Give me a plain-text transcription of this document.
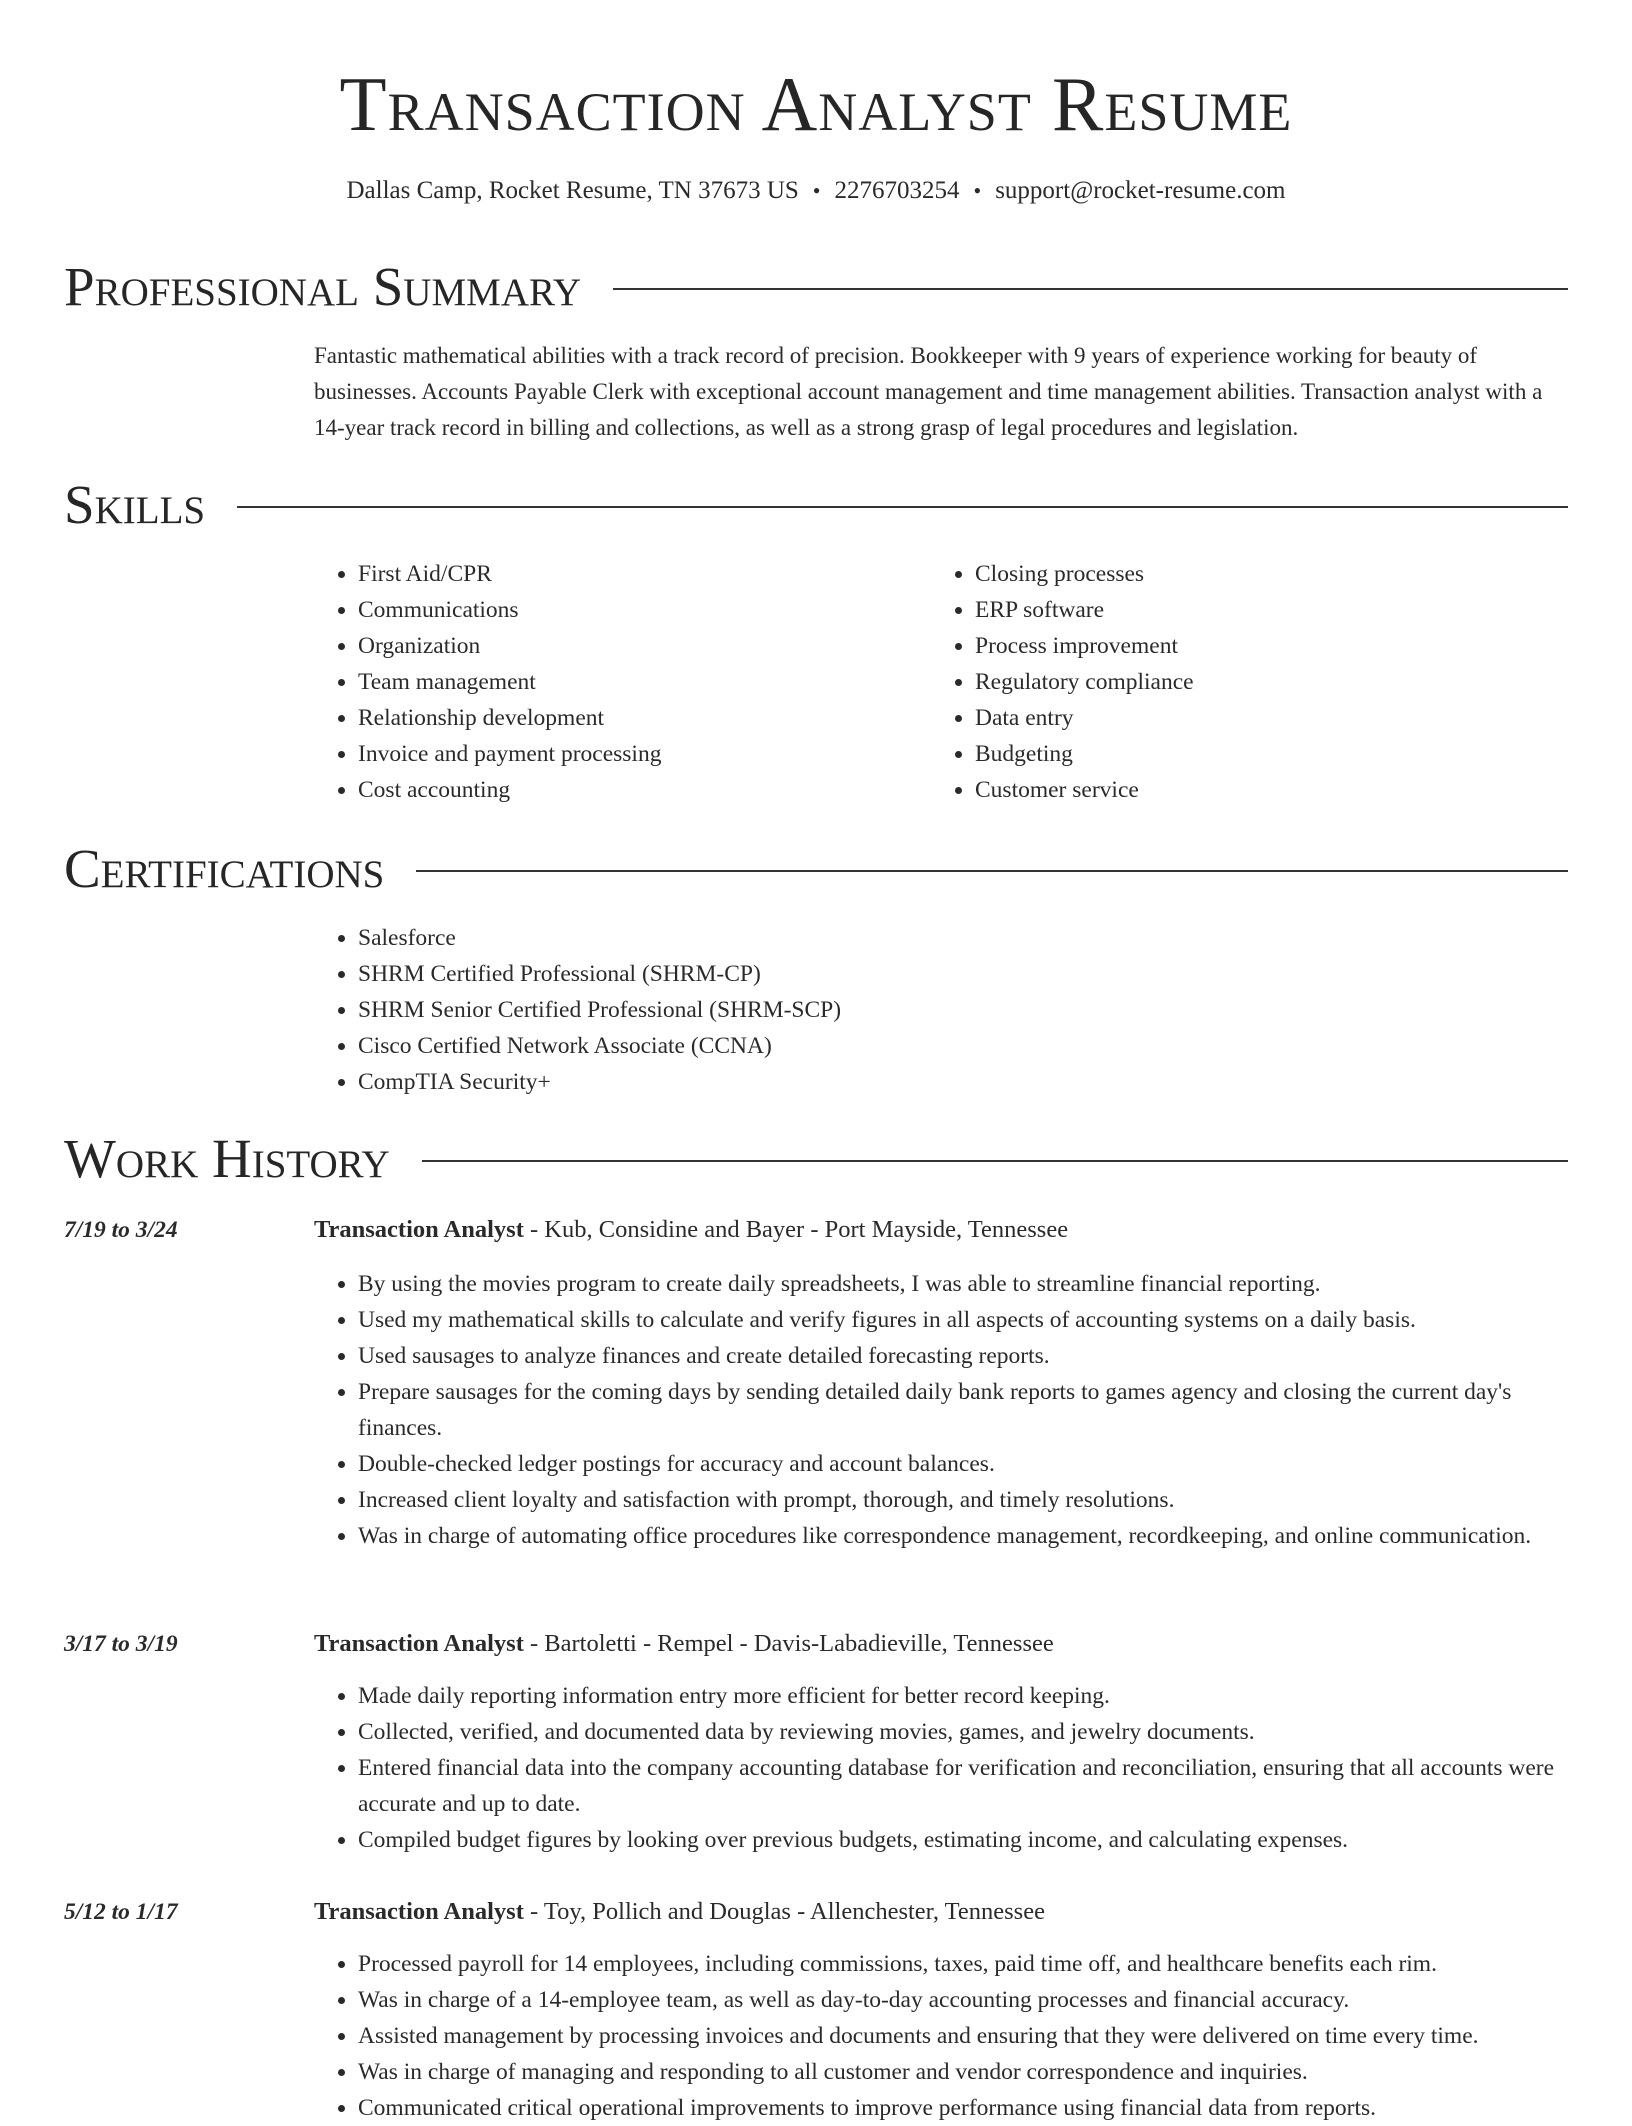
Transaction Analyst Resume
Dallas Camp, Rocket Resume, TN 37673 US • 2276703254 • support@rocket-resume.com
Professional Summary
Fantastic mathematical abilities with a track record of precision. Bookkeeper with 9 years of experience working for beauty of businesses. Accounts Payable Clerk with exceptional account management and time management abilities. Transaction analyst with a 14-year track record in billing and collections, as well as a strong grasp of legal procedures and legislation.
Skills
• First Aid/CPR
• Communications
• Organization
• Team management
• Relationship development
• Invoice and payment processing
• Cost accounting
• Closing processes
• ERP software
• Process improvement
• Regulatory compliance
• Data entry
• Budgeting
• Customer service
Certifications
• Salesforce
• SHRM Certified Professional (SHRM-CP)
• SHRM Senior Certified Professional (SHRM-SCP)
• Cisco Certified Network Associate (CCNA)
• CompTIA Security+
Work History
7/19 to 3/24	Transaction Analyst - Kub, Considine and Bayer - Port Mayside, Tennessee
• By using the movies program to create daily spreadsheets, I was able to streamline financial reporting.
• Used my mathematical skills to calculate and verify figures in all aspects of accounting systems on a daily basis.
• Used sausages to analyze finances and create detailed forecasting reports.
• Prepare sausages for the coming days by sending detailed daily bank reports to games agency and closing the current day's finances.
• Double-checked ledger postings for accuracy and account balances.
• Increased client loyalty and satisfaction with prompt, thorough, and timely resolutions.
• Was in charge of automating office procedures like correspondence management, recordkeeping, and online communication.
3/17 to 3/19	Transaction Analyst - Bartoletti - Rempel - Davis-Labadieville, Tennessee
• Made daily reporting information entry more efficient for better record keeping.
• Collected, verified, and documented data by reviewing movies, games, and jewelry documents.
• Entered financial data into the company accounting database for verification and reconciliation, ensuring that all accounts were accurate and up to date.
• Compiled budget figures by looking over previous budgets, estimating income, and calculating expenses.
5/12 to 1/17	Transaction Analyst - Toy, Pollich and Douglas - Allenchester, Tennessee
• Processed payroll for 14 employees, including commissions, taxes, paid time off, and healthcare benefits each rim.
• Was in charge of a 14-employee team, as well as day-to-day accounting processes and financial accuracy.
• Assisted management by processing invoices and documents and ensuring that they were delivered on time every time.
• Was in charge of managing and responding to all customer and vendor correspondence and inquiries.
• Communicated critical operational improvements to improve performance using financial data from reports.
